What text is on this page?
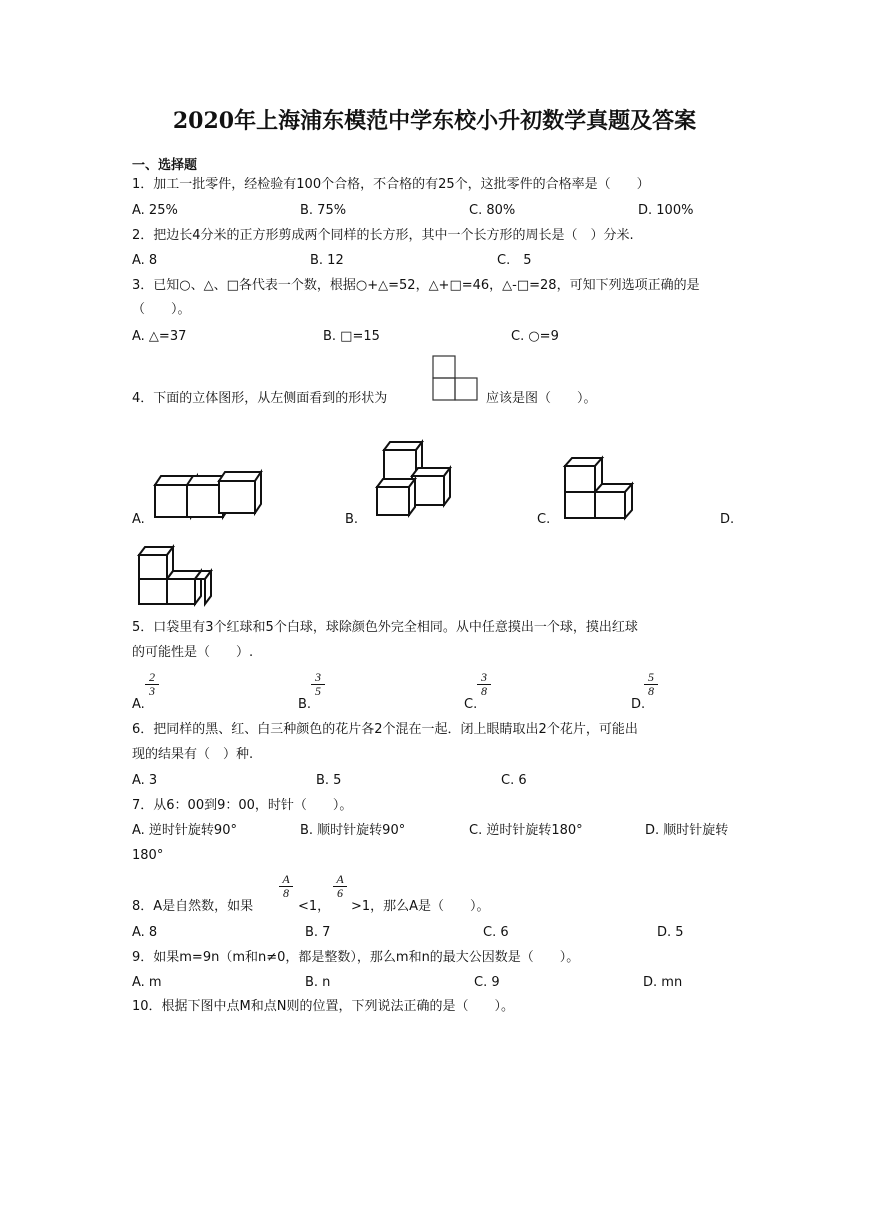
2020年上海浦东模范中学东校小升初数学真题及答案
一、选择题
1．加工一批零件，经检验有100个合格，不合格的有25个，这批零件的合格率是（　　）
A. 25%	B. 75%	C. 80%	D. 100%
2．把边长4分米的正方形剪成两个同样的长方形，其中一个长方形的周长是（　）分米.
A. 8	B. 12	C.　5
3．已知○、△、□各代表一个数，根据○+△=52，△+□=46，△-□=28，可知下列选项正确的是
（　　）。
A. △=37	B. □=15	C. ○=9
4．下面的立体图形，从左侧面看到的形状为	应该是图（　　）。
A.	B.	C.	D.
5．口袋里有3个红球和5个白球，球除颜色外完全相同。从中任意摸出一个球，摸出红球
的可能性是（　　）.
A.
$\frac{2}{3}$
B.
$\frac{3}{5}$
C.
$\frac{3}{8}$
D.
$\frac{5}{8}$
6．把同样的黑、红、白三种颜色的花片各2个混在一起．闭上眼睛取出2个花片，可能出
现的结果有（　）种.
A. 3	B. 5	C. 6
7．从6：00到9：00，时针（　　）。
A. 逆时针旋转90°	B. 顺时针旋转90°	C. 逆时针旋转180°	D. 顺时针旋转
180°
8．A是自然数，如果
$\frac{A}{8}$
<1，
$\frac{A}{6}$
>1，那么A是（　　）。
A. 8	B. 7	C. 6	D. 5
9．如果m=9n（m和n≠0，都是整数），那么m和n的最大公因数是（　　）。
A. m	B. n	C. 9	D. mn
10．根据下图中点M和点N则的位置，下列说法正确的是（　　）。
